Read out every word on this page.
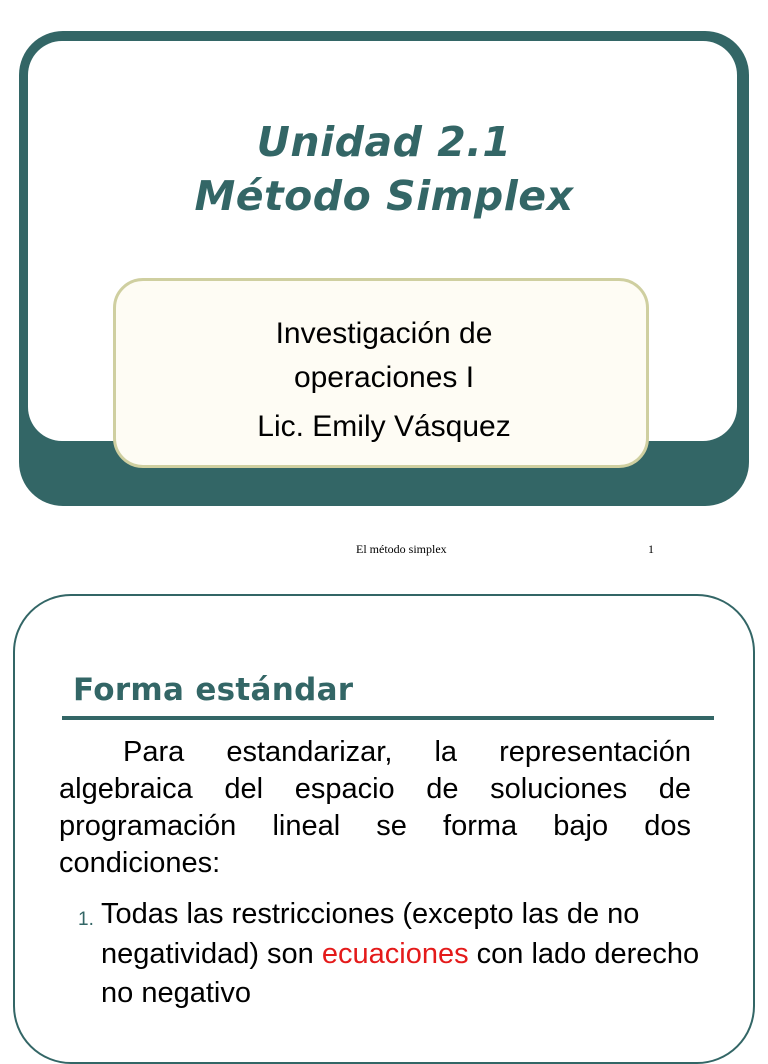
Unidad 2.1
Método Simplex
Investigación de
operaciones I
Lic. Emily Vásquez
El método simplex	1
Forma estándar
Para estandarizar, la representación algebraica del espacio de soluciones de programación lineal se forma bajo dos condiciones:
1. Todas las restricciones (excepto las de no negatividad) son ecuaciones con lado derecho no negativo
